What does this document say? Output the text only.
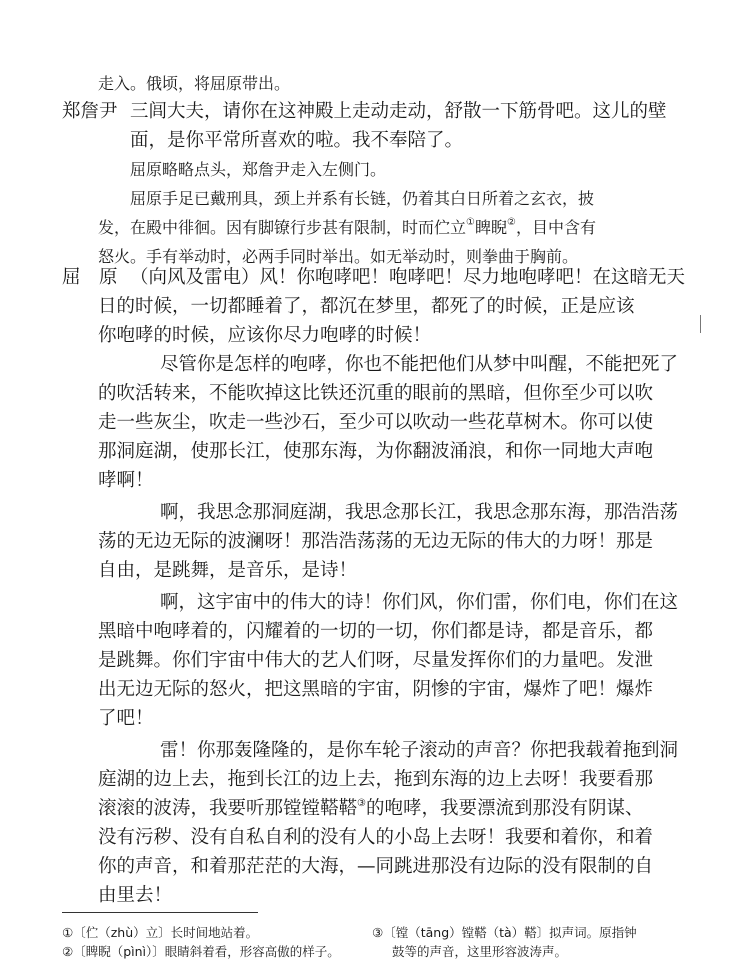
走入。俄顷，将屈原带出。
郑詹尹 三闾大夫，请你在这神殿上走动走动，舒散一下筋骨吧。这儿的壁
面，是你平常所喜欢的啦。我不奉陪了。
屈原略略点头，郑詹尹走入左侧门。
屈原手足已戴刑具，颈上并系有长链，仍着其白日所着之玄衣，披
发，在殿中徘徊。因有脚镣行步甚有限制，时而伫立①睥睨②，目中含有
怒火。手有举动时，必两手同时举出。如无举动时，则拳曲于胸前。
屈　原 （向风及雷电）风！你咆哮吧！咆哮吧！尽力地咆哮吧！在这暗无天
日的时候，一切都睡着了，都沉在梦里，都死了的时候，正是应该
你咆哮的时候，应该你尽力咆哮的时候！
尽管你是怎样的咆哮，你也不能把他们从梦中叫醒，不能把死了
的吹活转来，不能吹掉这比铁还沉重的眼前的黑暗，但你至少可以吹
走一些灰尘，吹走一些沙石，至少可以吹动一些花草树木。你可以使
那洞庭湖，使那长江，使那东海，为你翻波涌浪，和你一同地大声咆
哮啊！
啊，我思念那洞庭湖，我思念那长江，我思念那东海，那浩浩荡
荡的无边无际的波澜呀！那浩浩荡荡的无边无际的伟大的力呀！那是
自由，是跳舞，是音乐，是诗！
啊，这宇宙中的伟大的诗！你们风，你们雷，你们电，你们在这
黑暗中咆哮着的，闪耀着的一切的一切，你们都是诗，都是音乐，都
是跳舞。你们宇宙中伟大的艺人们呀，尽量发挥你们的力量吧。发泄
出无边无际的怒火，把这黑暗的宇宙，阴惨的宇宙，爆炸了吧！爆炸
了吧！
雷！你那轰隆隆的，是你车轮子滚动的声音？你把我载着拖到洞
庭湖的边上去，拖到长江的边上去，拖到东海的边上去呀！我要看那
滚滚的波涛，我要听那镗镗鞳鞳③的咆哮，我要漂流到那没有阴谋、
没有污秽、没有自私自利的没有人的小岛上去呀！我要和着你，和着
你的声音，和着那茫茫的大海，—同跳进那没有边际的没有限制的自
由里去！
①〔伫（zhù）立〕长时间地站着。
②〔睥睨（pìnì）〕眼睛斜着看，形容高傲的样子。
③〔镗（tāng）镗鞳（tà）鞳〕拟声词。原指钟
鼓等的声音，这里形容波涛声。
